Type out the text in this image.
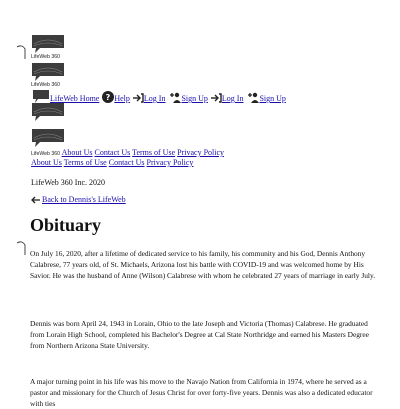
LifeWeb 360
LifeWeb 360
LifeWeb Home ? Help Log In Sign Up Log In Sign Up
LifeWeb 360 About Us Contact Us Terms of Use Privacy Policy
About Us Terms of Use Contact Us Privacy Policy
LifeWeb 360 Inc. 2020
Back to Dennis's LifeWeb
Obituary

On July 16, 2020, after a lifetime of dedicated service to his family, his community and his God, Dennis Anthony Calabrese, 77 years old, of St. Michaels, Arizona lost his battle with COVID-19 and was welcomed home by His Savior. He was the husband of Anne (Wilson) Calabrese with whom he celebrated 27 years of marriage in early July.

Dennis was born April 24, 1943 in Lorain, Ohio to the late Joseph and Victoria (Thomas) Calabrese. He graduated from Lorain High School, completed his Bachelor's Degree at Cal State Northridge and earned his Masters Degree from Northern Arizona State University.

A major turning point in his life was his move to the Navajo Nation from California in 1974, where he served as a pastor and missionary for the Church of Jesus Christ for over forty-five years. Dennis was also a dedicated educator with ties
